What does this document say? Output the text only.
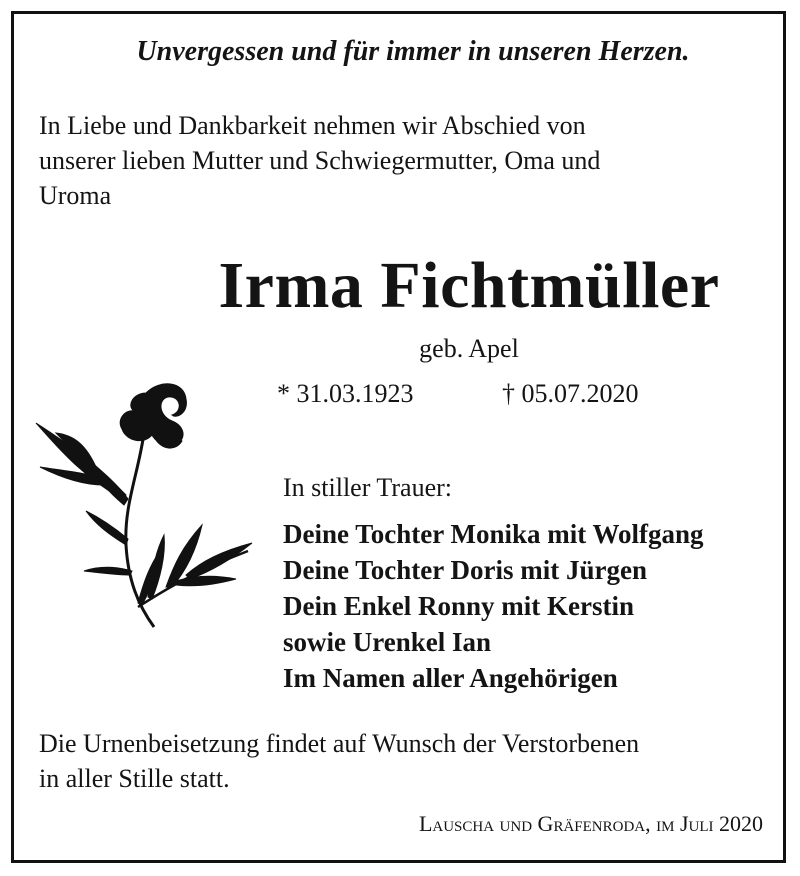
Unvergessen und für immer in unseren Herzen.
In Liebe und Dankbarkeit nehmen wir Abschied von
unserer lieben Mutter und Schwiegermutter, Oma und
Uroma
Irma Fichtmüller
geb. Apel
* 31.03.1923	† 05.07.2020
In stiller Trauer:
Deine Tochter Monika mit Wolfgang
Deine Tochter Doris mit Jürgen
Dein Enkel Ronny mit Kerstin
sowie Urenkel Ian
Im Namen aller Angehörigen
Die Urnenbeisetzung findet auf Wunsch der Verstorbenen
in aller Stille statt.
Lauscha und Gräfenroda, im Juli 2020
